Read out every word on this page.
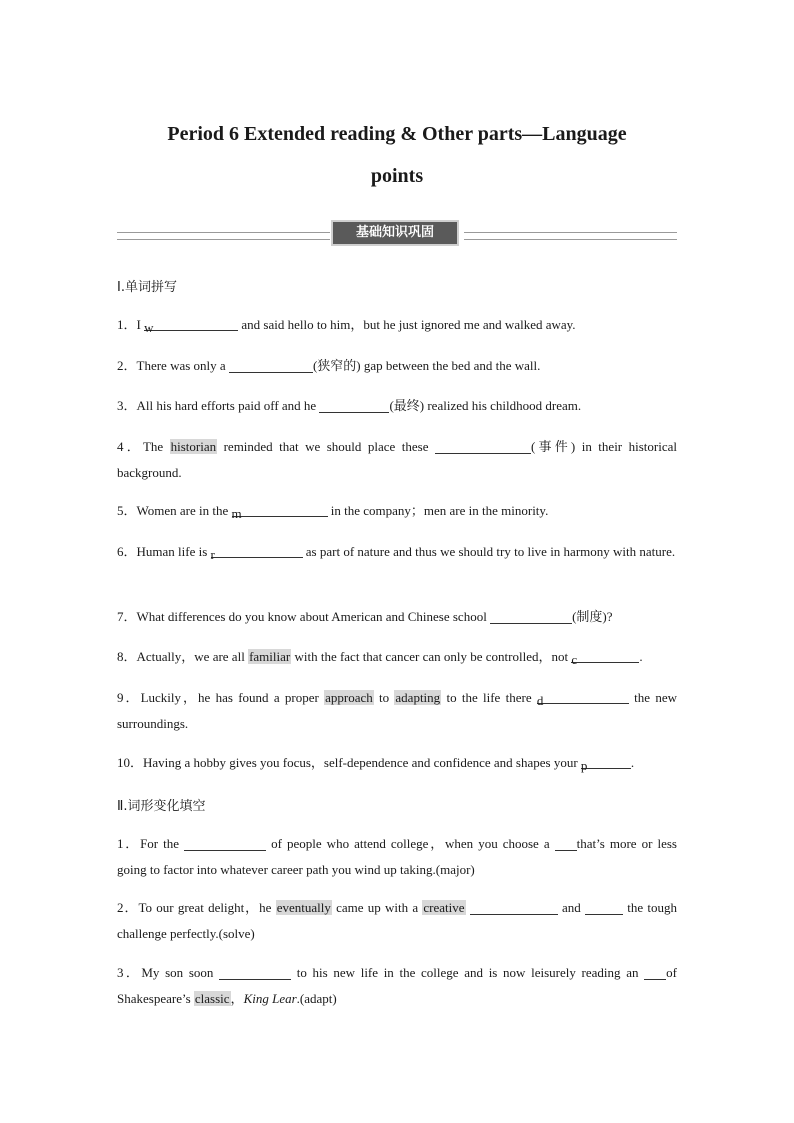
Period 6 Extended reading & Other parts—Language
points
基础知识巩固
Ⅰ.单词拼写
1．I w	and said hello to him，but he just ignored me and walked away.
2．There was only a	(狭窄的) gap between the bed and the wall.
3．All his hard efforts paid off and he	(最终) realized his childhood dream.
4．The historian reminded that we should place these	(事件) in their historical background.
5．Women are in the m	in the company；men are in the minority.
6．Human life is r	as part of nature and thus we should try to live in harmony with nature.
7．What differences do you know about American and Chinese school	(制度)?
8．Actually，we are all familiar with the fact that cancer can only be controlled，not c	.
9．Luckily，he has found a proper approach to adapting to the life there d	the new surroundings.
10．Having a hobby gives you focus，self-dependence and confidence and shapes your p	.
Ⅱ.词形变化填空
1．For the	of people who attend college，when you choose a that’s more or less going to factor into whatever career path you wind up taking.(major)
2．To our great delight，he eventually came up with a creative	and	the tough challenge perfectly.(solve)
3．My son soon	to his new life in the college and is now leisurely reading an of Shakespeare’s classic，King Lear.(adapt)
